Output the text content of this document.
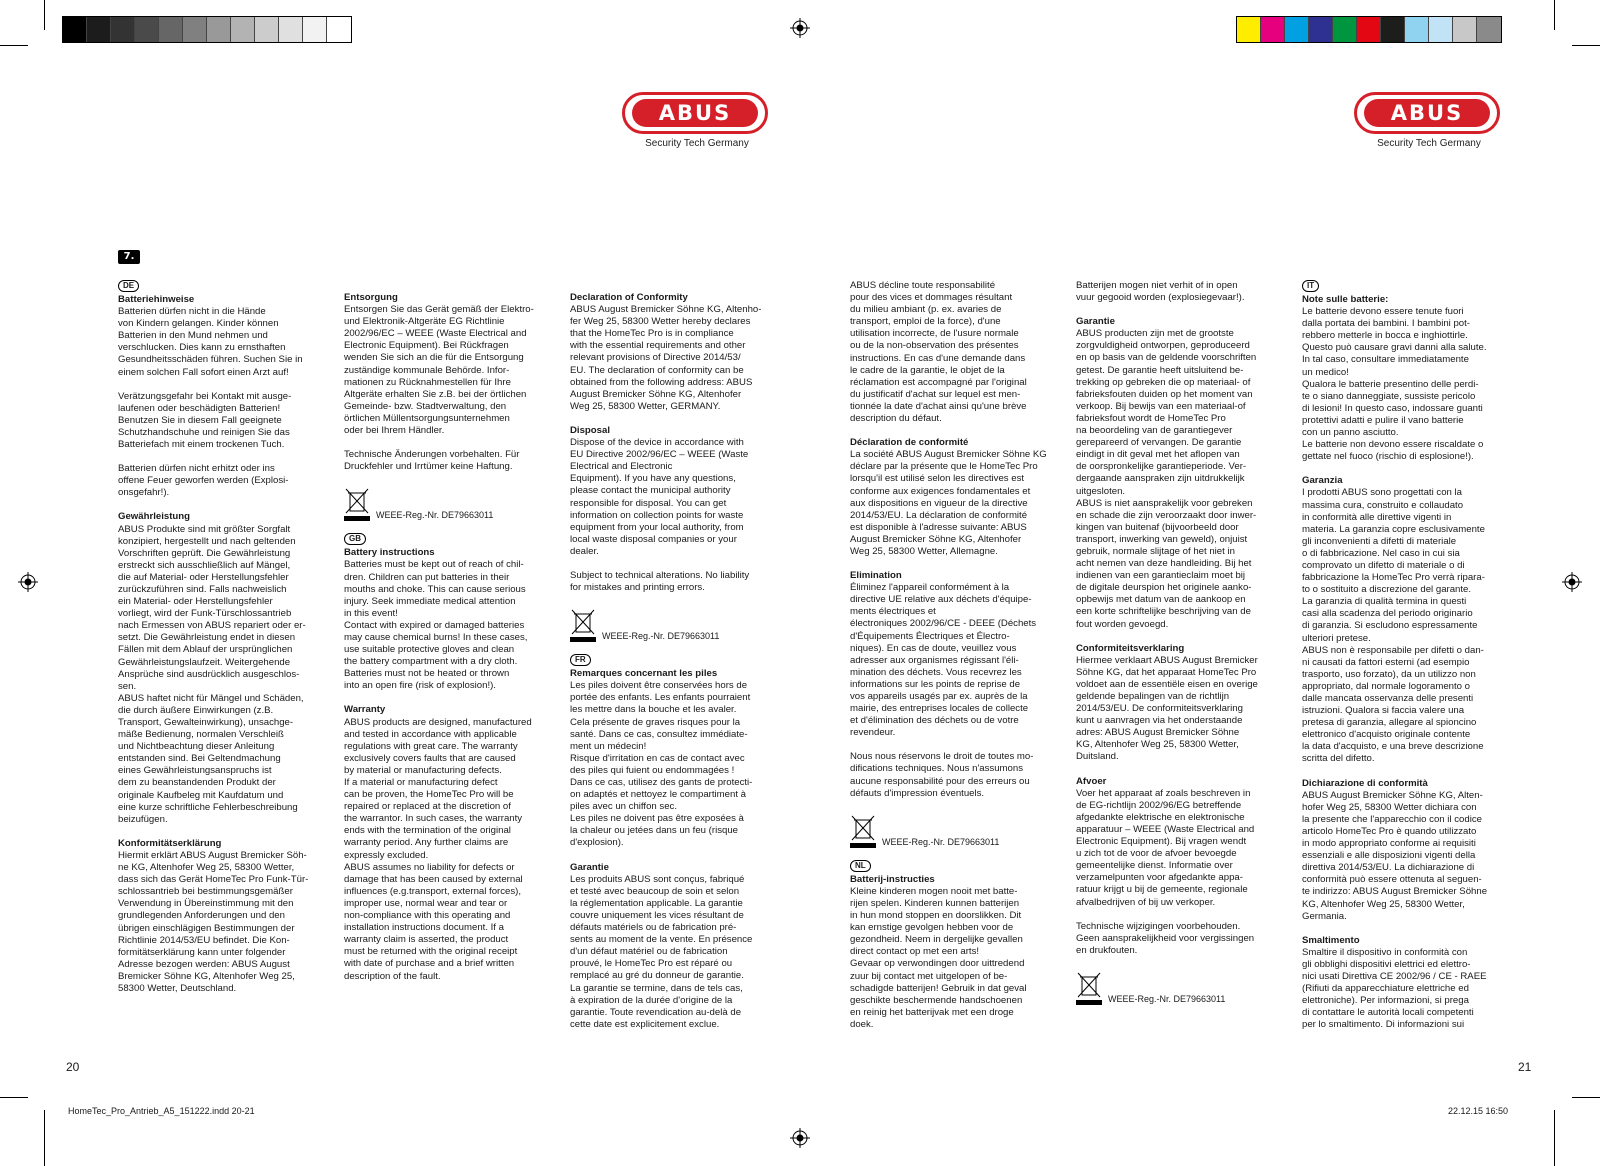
ABUS
Security Tech Germany
ABUS
Security Tech Germany
7.
DE
Batteriehinweise

Batterien dürfen nicht in die Hände
von Kindern gelangen. Kinder können
Batterien in den Mund nehmen und
verschlucken. Dies kann zu ernsthaften
Gesundheitsschäden führen. Suchen Sie in
einem solchen Fall sofort einen Arzt auf!

Verätzungsgefahr bei Kontakt mit ausge-
laufenen oder beschädigten Batterien!
Benutzen Sie in diesem Fall geeignete
Schutzhandschuhe und reinigen Sie das
Batteriefach mit einem trockenen Tuch.

Batterien dürfen nicht erhitzt oder ins
offene Feuer geworfen werden (Explosi-
onsgefahr!).

Gewährleistung

ABUS Produkte sind mit größter Sorgfalt
konzipiert, hergestellt und nach geltenden
Vorschriften geprüft. Die Gewährleistung
erstreckt sich ausschließlich auf Mängel,
die auf Material- oder Herstellungsfehler
zurückzuführen sind. Falls nachweislich
ein Material- oder Herstellungsfehler
vorliegt, wird der Funk-Türschlossantrieb
nach Ermessen von ABUS repariert oder er-
setzt. Die Gewährleistung endet in diesen
Fällen mit dem Ablauf der ursprünglichen
Gewährleistungslaufzeit. Weitergehende
Ansprüche sind ausdrücklich ausgeschlos-
sen.
ABUS haftet nicht für Mängel und Schäden,
die durch äußere Einwirkungen (z.B.
Transport, Gewalteinwirkung), unsachge-
mäße Bedienung, normalen Verschleiß
und Nichtbeachtung dieser Anleitung
entstanden sind. Bei Geltendmachung
eines Gewährleistungsanspruchs ist
dem zu beanstandenden Produkt der
originale Kaufbeleg mit Kaufdatum und
eine kurze schriftliche Fehlerbeschreibung
beizufügen.

Konformitätserklärung

Hiermit erklärt ABUS August Bremicker Söh-
ne KG, Altenhofer Weg 25, 58300 Wetter,
dass sich das Gerät HomeTec Pro Funk-Tür-
schlossantrieb bei bestimmungsgemäßer
Verwendung in Übereinstimmung mit den
grundlegenden Anforderungen und den
übrigen einschlägigen Bestimmungen der
Richtlinie 2014/53/EU befindet. Die Kon-
formitätserklärung kann unter folgender
Adresse bezogen werden: ABUS August
Bremicker Söhne KG, Altenhofer Weg 25,
58300 Wetter, Deutschland.

Entsorgung

Entsorgen Sie das Gerät gemäß der Elektro-
und Elektronik-Altgeräte EG Richtlinie
2002/96/EC – WEEE (Waste Electrical and
Electronic Equipment). Bei Rückfragen
wenden Sie sich an die für die Entsorgung
zuständige kommunale Behörde. Infor-
mationen zu Rücknahmestellen für Ihre
Altgeräte erhalten Sie z.B. bei der örtlichen
Gemeinde- bzw. Stadtverwaltung, den
örtlichen Müllentsorgungsunternehmen
oder bei Ihrem Händler.

Technische Änderungen vorbehalten. Für
Druckfehler und Irrtümer keine Haftung.

WEEE-Reg.-Nr. DE79663011
GB
Battery instructions

Batteries must be kept out of reach of chil-
dren. Children can put batteries in their
mouths and choke. This can cause serious
injury. Seek immediate medical attention
in this event!
Contact with expired or damaged batteries
may cause chemical burns! In these cases,
use suitable protective gloves and clean
the battery compartment with a dry cloth.
Batteries must not be heated or thrown
into an open fire (risk of explosion!).

Warranty

ABUS products are designed, manufactured
and tested in accordance with applicable
regulations with great care. The warranty
exclusively covers faults that are caused
by material or manufacturing defects.
If a material or manufacturing defect
can be proven, the HomeTec Pro will be
repaired or replaced at the discretion of
the warrantor. In such cases, the warranty
ends with the termination of the original
warranty period. Any further claims are
expressly excluded.
ABUS assumes no liability for defects or
damage that has been caused by external
influences (e.g.transport, external forces),
improper use, normal wear and tear or
non-compliance with this operating and
installation instructions document. If a
warranty claim is asserted, the product
must be returned with the original receipt
with date of purchase and a brief written
description of the fault.

Declaration of Conformity

ABUS August Bremicker Söhne KG, Altenho-
fer Weg 25, 58300 Wetter hereby declares
that the HomeTec Pro is in compliance
with the essential requirements and other
relevant provisions of Directive 2014/53/
EU. The declaration of conformity can be
obtained from the following address: ABUS
August Bremicker Söhne KG, Altenhofer
Weg 25, 58300 Wetter, GERMANY.

Disposal

Dispose of the device in accordance with
EU Directive 2002/96/EC – WEEE (Waste
Electrical and Electronic
Equipment). If you have any questions,
please contact the municipal authority
responsible for disposal. You can get
information on collection points for waste
equipment from your local authority, from
local waste disposal companies or your
dealer.

Subject to technical alterations. No liability
for mistakes and printing errors.

WEEE-Reg.-Nr. DE79663011
FR
Remarques concernant les piles

Les piles doivent être conservées hors de
portée des enfants. Les enfants pourraient
les mettre dans la bouche et les avaler.
Cela présente de graves risques pour la
santé. Dans ce cas, consultez immédiate-
ment un médecin!
Risque d'irritation en cas de contact avec
des piles qui fuient ou endommagées !
Dans ce cas, utilisez des gants de protecti-
on adaptés et nettoyez le compartiment à
piles avec un chiffon sec.
Les piles ne doivent pas être exposées à
la chaleur ou jetées dans un feu (risque
d'explosion).

Garantie

Les produits ABUS sont conçus, fabriqué
et testé avec beaucoup de soin et selon
la réglementation applicable. La garantie
couvre uniquement les vices résultant de
défauts matériels ou de fabrication pré-
sents au moment de la vente. En présence
d'un défaut matériel ou de fabrication
prouvé, le HomeTec Pro est réparé ou
remplacé au gré du donneur de garantie.
La garantie se termine, dans de tels cas,
à expiration de la durée d'origine de la
garantie. Toute revendication au-delà de
cette date est explicitement exclue.

ABUS décline toute responsabilité
pour des vices et dommages résultant
du milieu ambiant (p. ex. avaries de
transport, emploi de la force), d'une
utilisation incorrecte, de l'usure normale
ou de la non-observation des présentes
instructions. En cas d'une demande dans
le cadre de la garantie, le objet de la
réclamation est accompagné par l'original
du justificatif d'achat sur lequel est men-
tionnée la date d'achat ainsi qu'une brève
description du défaut.

Déclaration de conformité

La société ABUS August Bremicker Söhne KG
déclare par la présente que le HomeTec Pro
lorsqu'il est utilisé selon les directives est
conforme aux exigences fondamentales et
aux dispositions en vigueur de la directive
2014/53/EU. La déclaration de conformité
est disponible à l'adresse suivante: ABUS
August Bremicker Söhne KG, Altenhofer
Weg 25, 58300 Wetter, Allemagne.

Elimination

Éliminez l'appareil conformément à la
directive UE relative aux déchets d'équipe-
ments électriques et
électroniques 2002/96/CE - DEEE (Déchets
d'Équipements Électriques et Électro-
niques). En cas de doute, veuillez vous
adresser aux organismes régissant l'éli-
mination des déchets. Vous recevrez les
informations sur les points de reprise de
vos appareils usagés par ex. auprès de la
mairie, des entreprises locales de collecte
et d'élimination des déchets ou de votre
revendeur.

Nous nous réservons le droit de toutes mo-
difications techniques. Nous n'assumons
aucune responsabilité pour des erreurs ou
défauts d'impression éventuels.

WEEE-Reg.-Nr. DE79663011
NL
Batterij-instructies

Kleine kinderen mogen nooit met batte-
rijen spelen. Kinderen kunnen batterijen
in hun mond stoppen en doorslikken. Dit
kan ernstige gevolgen hebben voor de
gezondheid. Neem in dergelijke gevallen
direct contact op met een arts!
Gevaar op verwondingen door uittredend
zuur bij contact met uitgelopen of be-
schadigde batterijen! Gebruik in dat geval
geschikte beschermende handschoenen
en reinig het batterijvak met een droge
doek.

Batterijen mogen niet verhit of in open
vuur gegooid worden (explosiegevaar!).

Garantie

ABUS producten zijn met de grootste
zorgvuldigheid ontworpen, geproduceerd
en op basis van de geldende voorschriften
getest. De garantie heeft uitsluitend be-
trekking op gebreken die op materiaal- of
fabrieksfouten duiden op het moment van
verkoop. Bij bewijs van een materiaal-of
fabrieksfout wordt de HomeTec Pro
na beoordeling van de garantiegever
gerepareerd of vervangen. De garantie
eindigt in dit geval met het aflopen van
de oorspronkelijke garantieperiode. Ver-
dergaande aanspraken zijn uitdrukkelijk
uitgesloten.
ABUS is niet aansprakelijk voor gebreken
en schade die zijn veroorzaakt door inwer-
kingen van buitenaf (bijvoorbeeld door
transport, inwerking van geweld), onjuist
gebruik, normale slijtage of het niet in
acht nemen van deze handleiding. Bij het
indienen van een garantieclaim moet bij
de digitale deurspion het originele aanko-
opbewijs met datum van de aankoop en
een korte schriftelijke beschrijving van de
fout worden gevoegd.

Conformiteitsverklaring

Hiermee verklaart ABUS August Bremicker
Söhne KG, dat het apparaat HomeTec Pro
voldoet aan de essentiële eisen en overige
geldende bepalingen van de richtlijn
2014/53/EU. De conformiteitsverklaring
kunt u aanvragen via het onderstaande
adres: ABUS August Bremicker Söhne
KG, Altenhofer Weg 25, 58300 Wetter,
Duitsland.

Afvoer

Voer het apparaat af zoals beschreven in
de EG-richtlijn 2002/96/EG betreffende
afgedankte elektrische en elektronische
apparatuur – WEEE (Waste Electrical and
Electronic Equipment). Bij vragen wendt
u zich tot de voor de afvoer bevoegde
gemeentelijke dienst. Informatie over
verzamelpunten voor afgedankte appa-
ratuur krijgt u bij de gemeente, regionale
afvalbedrijven of bij uw verkoper.

Technische wijzigingen voorbehouden.
Geen aansprakelijkheid voor vergissingen
en drukfouten.

WEEE-Reg.-Nr. DE79663011
IT
Note sulle batterie:

Le batterie devono essere tenute fuori
dalla portata dei bambini. I bambini pot-
rebbero metterle in bocca e inghiottirle.
Questo può causare gravi danni alla salute.
In tal caso, consultare immediatamente
un medico!
Qualora le batterie presentino delle perdi-
te o siano danneggiate, sussiste pericolo
di lesioni! In questo caso, indossare guanti
protettivi adatti e pulire il vano batterie
con un panno asciutto.
Le batterie non devono essere riscaldate o
gettate nel fuoco (rischio di esplosione!).

Garanzia

I prodotti ABUS sono progettati con la
massima cura, construito e collaudato
in conformità alle direttive vigenti in
materia. La garanzia copre esclusivamente
gli inconvenienti a difetti di materiale
o di fabbricazione. Nel caso in cui sia
comprovato un difetto di materiale o di
fabbricazione la HomeTec Pro verrà ripara-
to o sostituito a discrezione del garante.
La garanzia di qualità termina in questi
casi alla scadenza del periodo originario
di garanzia. Si escludono espressamente
ulteriori pretese.
ABUS non è responsabile per difetti o dan-
ni causati da fattori esterni (ad esempio
trasporto, uso forzato), da un utilizzo non
appropriato, dal normale logoramento o
dalle mancata osservanza delle presenti
istruzioni. Qualora si faccia valere una
pretesa di garanzia, allegare al spioncino
elettronico d'acquisto originale contente
la data d'acquisto, e una breve descrizione
scritta del difetto.

Dichiarazione di conformità

ABUS August Bremicker Söhne KG, Alten-
hofer Weg 25, 58300 Wetter dichiara con
la presente che l'apparecchio con il codice
articolo HomeTec Pro è quando utilizzato
in modo appropriato conforme ai requisiti
essenziali e alle disposizioni vigenti della
direttiva 2014/53/EU. La dichiarazione di
conformità può essere ottenuta al seguen-
te indirizzo: ABUS August Bremicker Söhne
KG, Altenhofer Weg 25, 58300 Wetter,
Germania.

Smaltimento

Smaltire il dispositivo in conformità con
gli obblighi dispositivi elettrici ed elettro-
nici usati Direttiva CE 2002/96 / CE - RAEE
(Rifiuti da apparecchiature elettriche ed
elettroniche). Per informazioni, si prega
di contattare le autorità locali competenti
per lo smaltimento. Di informazioni sui

20	21
HomeTec_Pro_Antrieb_A5_151222.indd 20-21	22.12.15 16:50
